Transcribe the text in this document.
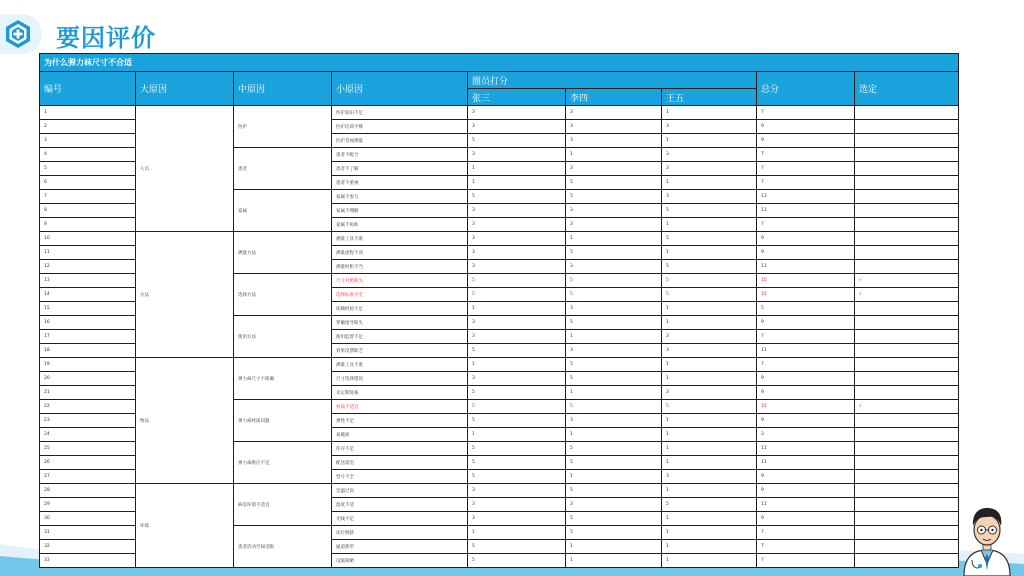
要因评价
为什么弹力袜尺寸不合适								
编号	大原因	中原因	小原因	圈员打分			总分	选定
				张三	李四	王五		
1	人员	医护	医护知识不足	3	3	1	7	
2			医护培训不够	3	3	3	9	
3			医护忽视测量	5	3	1	9	
4		患者	患者不配合	3	1	3	7	
5			患者不了解	1	3	3	7	
6			患者不重视	1	5	1	7	
7		家属	家属不参与	5	5	3	13	
8			家属不理解	3	3	5	11	
9			家属不协助	3	3	1	7	
10	方法	测量方法	测量工具不准	3	1	5	9	
11			测量流程不清	3	5	1	9	
12			测量时机不当	3	3	5	11	
13		选择方法	尺寸对照缺失	5	5	5	15	√
14			选择标准不全	5	5	5	15	√
15			依赖经验不足	1	3	1	5	
16		使用方法	穿戴指导缺失	3	5	1	9	
17			使用监督不足	3	1	3	7	
18			效果反馈缺乏	5	3	3	11	
19	物品	弹力袜尺寸不准确	测量工具不准	1	5	1	7	
20			尺寸选择错误	3	5	1	9	
21			未定期复核	5	1	3	9	
22		弹力袜材质问题	材质不适宜	5	5	5	15	√
23			弹性不足	5	3	1	9	
24			易破损	1	1	1	3	
25		弹力袜供应不足	库存不足	5	5	1	11	
26			配送延迟	5	5	1	11	
27			型号不全	5	1	3	9	
28	环境	病房环境不适宜	室温过高	3	5	1	9	
29			湿度不适	3	3	5	11	
30			光线不足	3	5	1	9	
31		患者活动空间受限	床位拥挤	1	5	1	7	
32			通道狭窄	5	1	1	7	
33			设施简陋	5	1	1	7	
